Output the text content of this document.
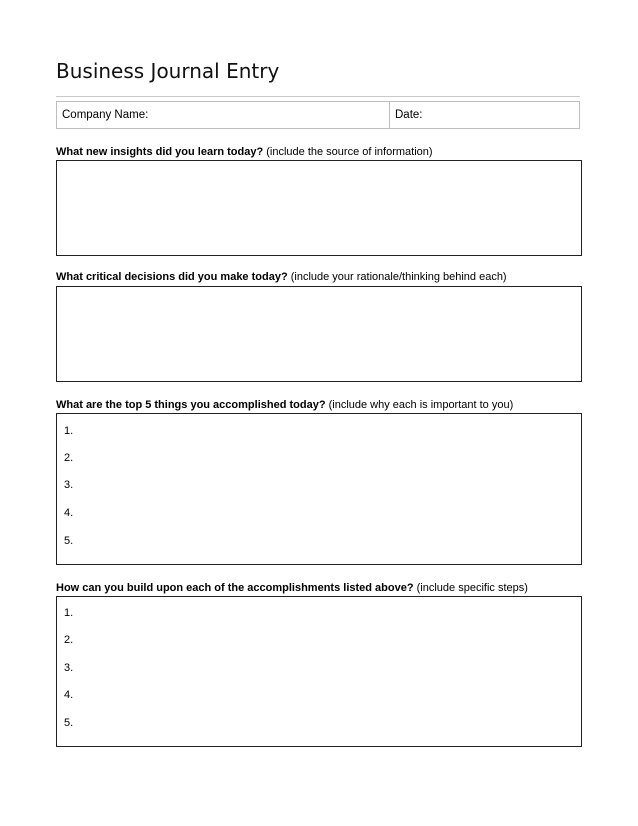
Business Journal Entry
Company Name:	Date:
What new insights did you learn today? (include the source of information)
What critical decisions did you make today? (include your rationale/thinking behind each)
What are the top 5 things you accomplished today? (include why each is important to you)
1.
2.
3.
4.
5.
How can you build upon each of the accomplishments listed above? (include specific steps)
1.
2.
3.
4.
5.
